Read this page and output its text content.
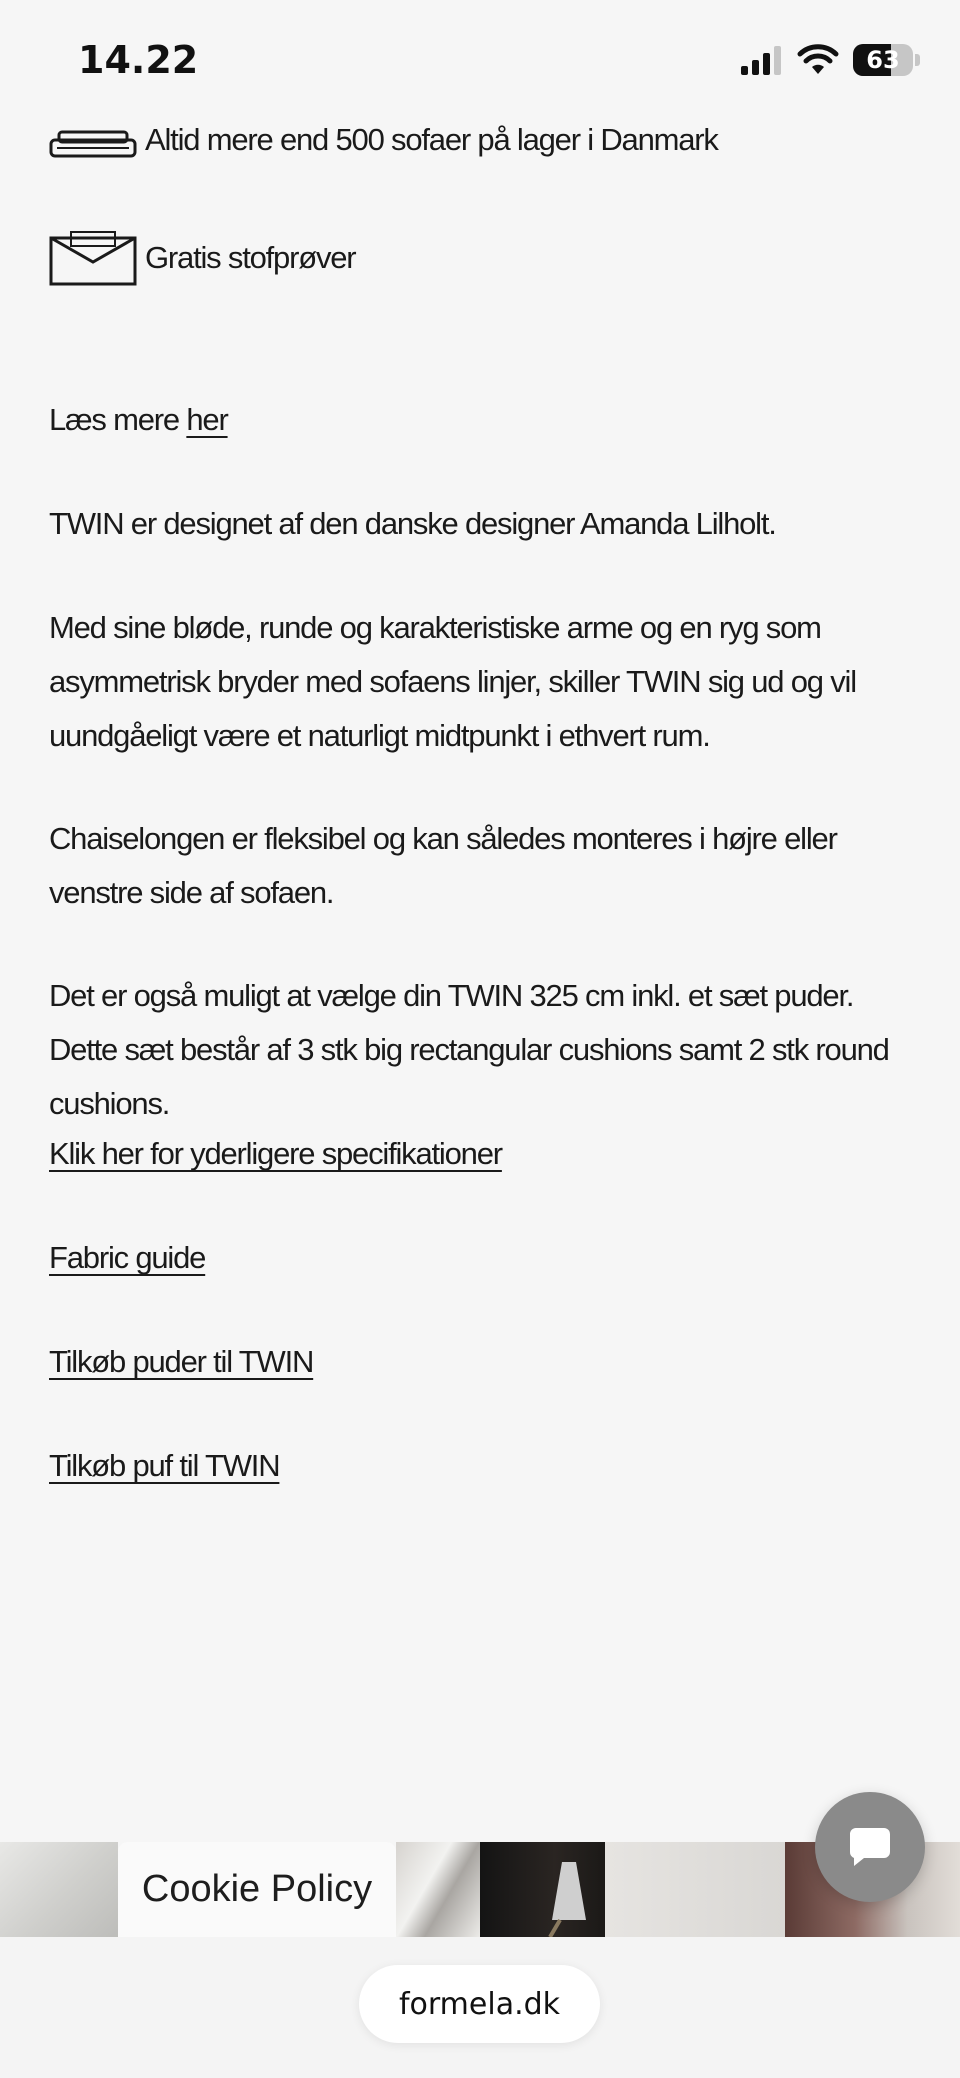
14.22	63
Altid mere end 500 sofaer på lager i Danmark
Gratis stofprøver
Læs mere her
TWIN er designet af den danske designer Amanda Lilholt.
Med sine bløde, runde og karakteristiske arme og en ryg som asymmetrisk bryder med sofaens linjer, skiller TWIN sig ud og vil uundgåeligt være et naturligt midtpunkt i ethvert rum.
Chaiselongen er fleksibel og kan således monteres i højre eller venstre side af sofaen.
Det er også muligt at vælge din TWIN 325 cm inkl. et sæt puder. Dette sæt består af 3 stk big rectangular cushions samt 2 stk round cushions.
Klik her for yderligere specifikationer
Fabric guide
Tilkøb puder til TWIN
Tilkøb puf til TWIN
Cookie Policy
formela.dk
